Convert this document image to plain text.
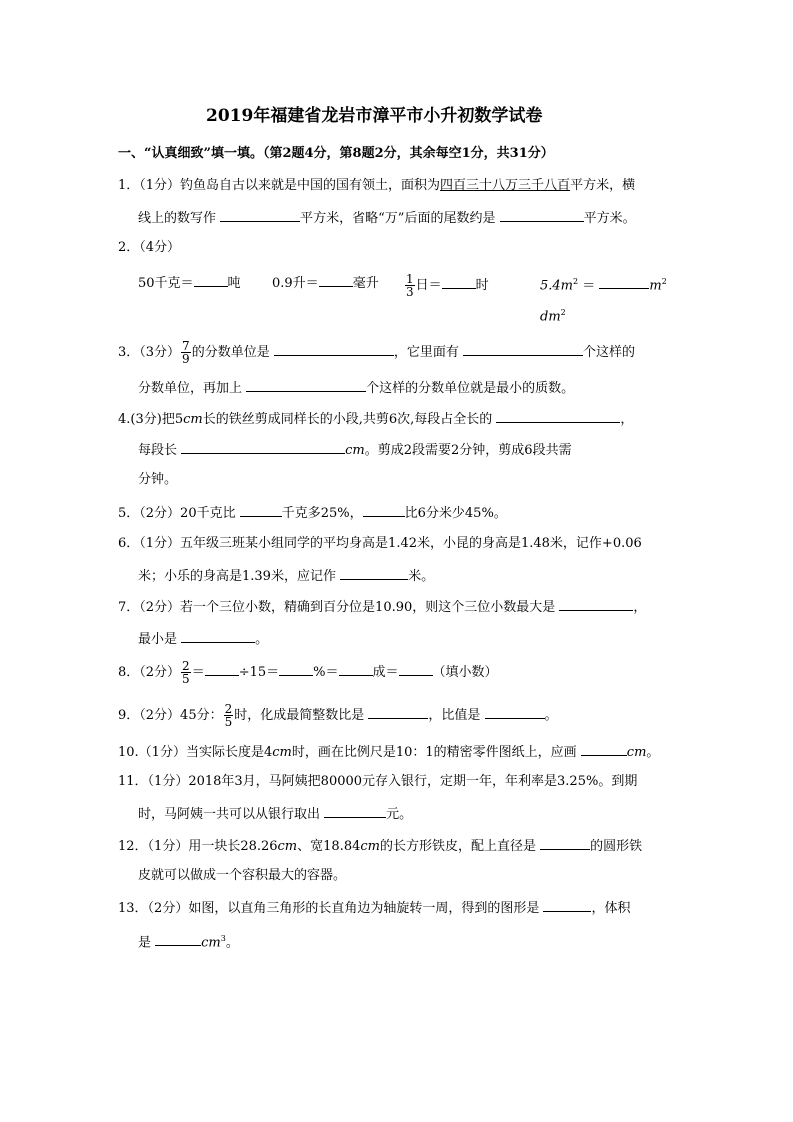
2019年福建省龙岩市漳平市小升初数学试卷
一、“认真细致”填一填。（第2题4分，第8题2分，其余每空1分，共31分）
1．（1分）钓鱼岛自古以来就是中国的国有领土，面积为四百三十八万三千八百平方米，横
线上的数写作	平方米，省略“万”后面的尾数约是	平方米。
2．（4分）
50千克＝	吨 0.9升＝	毫升 $\frac{1}{3}$ 日＝	时	$5.4m^2$ ＝	$m^2$
$dm^2$
3．（3分） $\frac{7}{9}$ 的分数单位是	，它里面有	个这样的
分数单位，再加上	个这样的分数单位就是最小的质数。
4.(3分)把5cm长的铁丝剪成同样长的小段,共剪6次,每段占全长的	，
每段长	cm。剪成2段需要2分钟，剪成6段共需
分钟。
5．（2分）20千克比	千克多25%，	比6分米少45%。
6．（1分）五年级三班某小组同学的平均身高是1.42米，小昆的身高是1.48米，记作+0.06
米；小乐的身高是1.39米，应记作	米。
7．（2分）若一个三位小数，精确到百分位是10.90，则这个三位小数最大是	，
最小是	。
8．（2分） $\frac{2}{5}$ ＝	÷15＝	%＝	成＝	（填小数）
9．（2分）45分： $\frac{2}{5}$ 时，化成最简整数比是	，比值是	。
10.（1分）当实际长度是4cm时，画在比例尺是10：1的精密零件图纸上，应画	cm。
11．（1分）2018年3月，马阿姨把80000元存入银行，定期一年，年利率是3.25%。到期
时，马阿姨一共可以从银行取出	元。
12．（1分）用一块长28.26cm、宽18.84cm的长方形铁皮，配上直径是	的圆形铁
皮就可以做成一个容积最大的容器。
13．（2分）如图，以直角三角形的长直角边为轴旋转一周，得到的图形是	，体积
是	$cm^3$。
